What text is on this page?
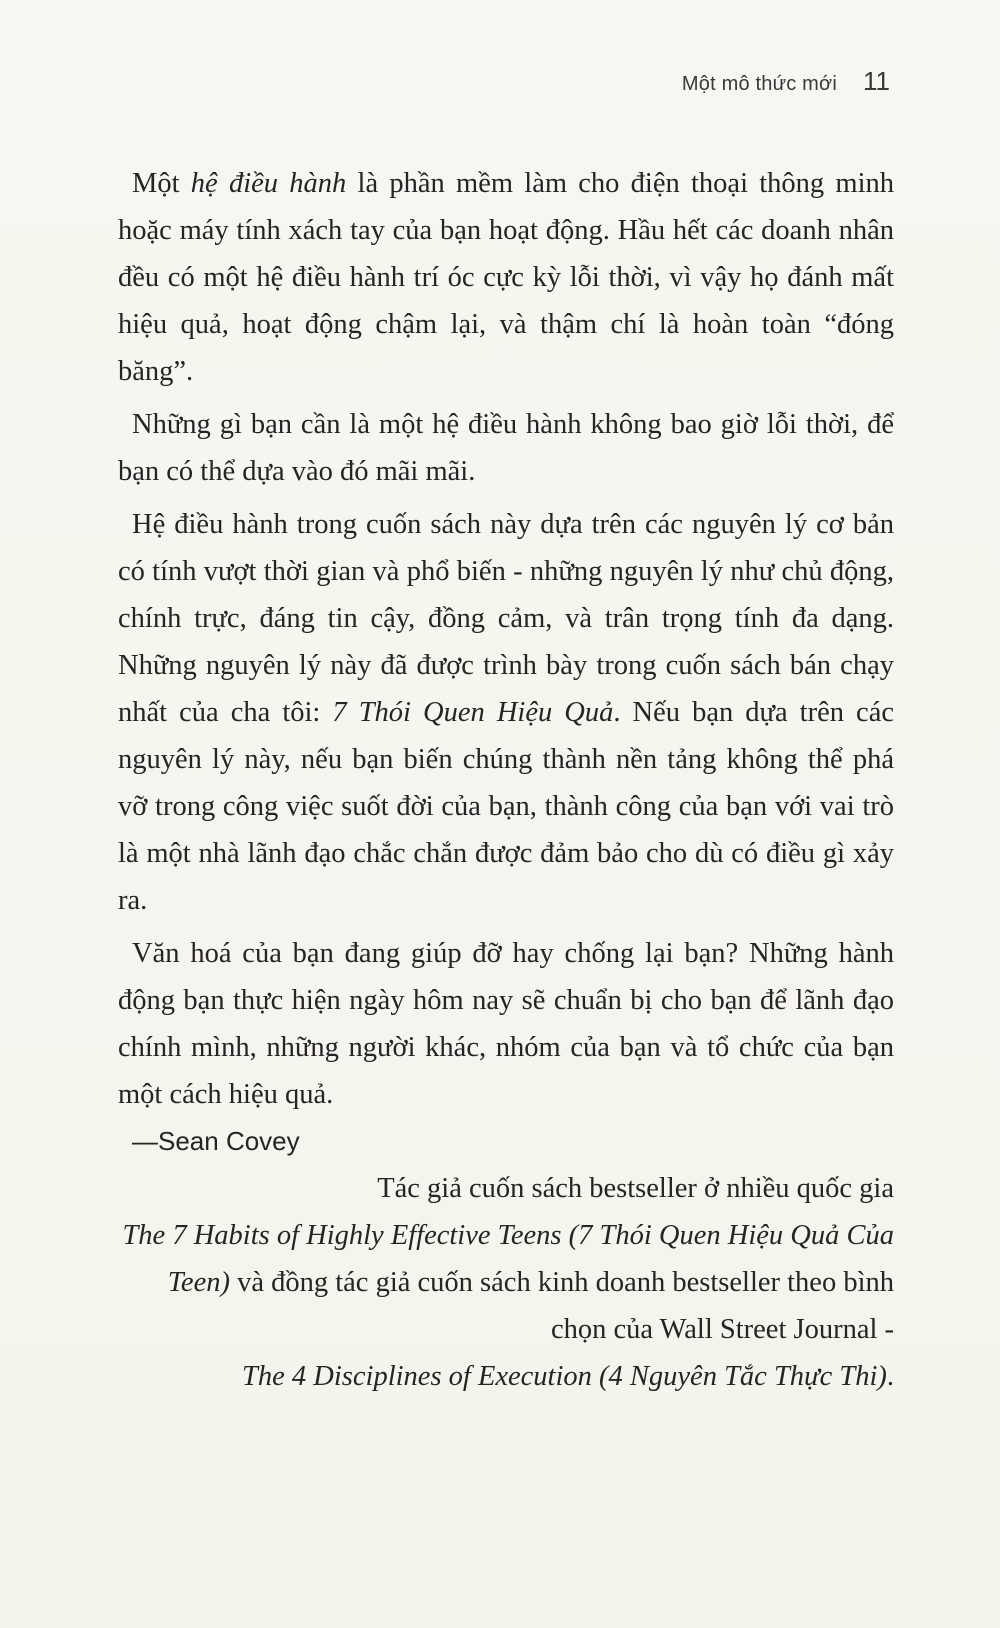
Một mô thức mới 11

Một hệ điều hành là phần mềm làm cho điện thoại thông minh hoặc máy tính xách tay của bạn hoạt động. Hầu hết các doanh nhân đều có một hệ điều hành trí óc cực kỳ lỗi thời, vì vậy họ đánh mất hiệu quả, hoạt động chậm lại, và thậm chí là hoàn toàn “đóng băng”.

Những gì bạn cần là một hệ điều hành không bao giờ lỗi thời, để bạn có thể dựa vào đó mãi mãi.

Hệ điều hành trong cuốn sách này dựa trên các nguyên lý cơ bản có tính vượt thời gian và phổ biến - những nguyên lý như chủ động, chính trực, đáng tin cậy, đồng cảm, và trân trọng tính đa dạng. Những nguyên lý này đã được trình bày trong cuốn sách bán chạy nhất của cha tôi: 7 Thói Quen Hiệu Quả. Nếu bạn dựa trên các nguyên lý này, nếu bạn biến chúng thành nền tảng không thể phá vỡ trong công việc suốt đời của bạn, thành công của bạn với vai trò là một nhà lãnh đạo chắc chắn được đảm bảo cho dù có điều gì xảy ra.

Văn hoá của bạn đang giúp đỡ hay chống lại bạn? Những hành động bạn thực hiện ngày hôm nay sẽ chuẩn bị cho bạn để lãnh đạo chính mình, những người khác, nhóm của bạn và tổ chức của bạn một cách hiệu quả.

—Sean Covey

Tác giả cuốn sách bestseller ở nhiều quốc gia
The 7 Habits of Highly Effective Teens (7 Thói Quen Hiệu Quả Của Teen) và đồng tác giả cuốn sách kinh doanh bestseller theo bình chọn của Wall Street Journal -
The 4 Disciplines of Execution (4 Nguyên Tắc Thực Thi).
